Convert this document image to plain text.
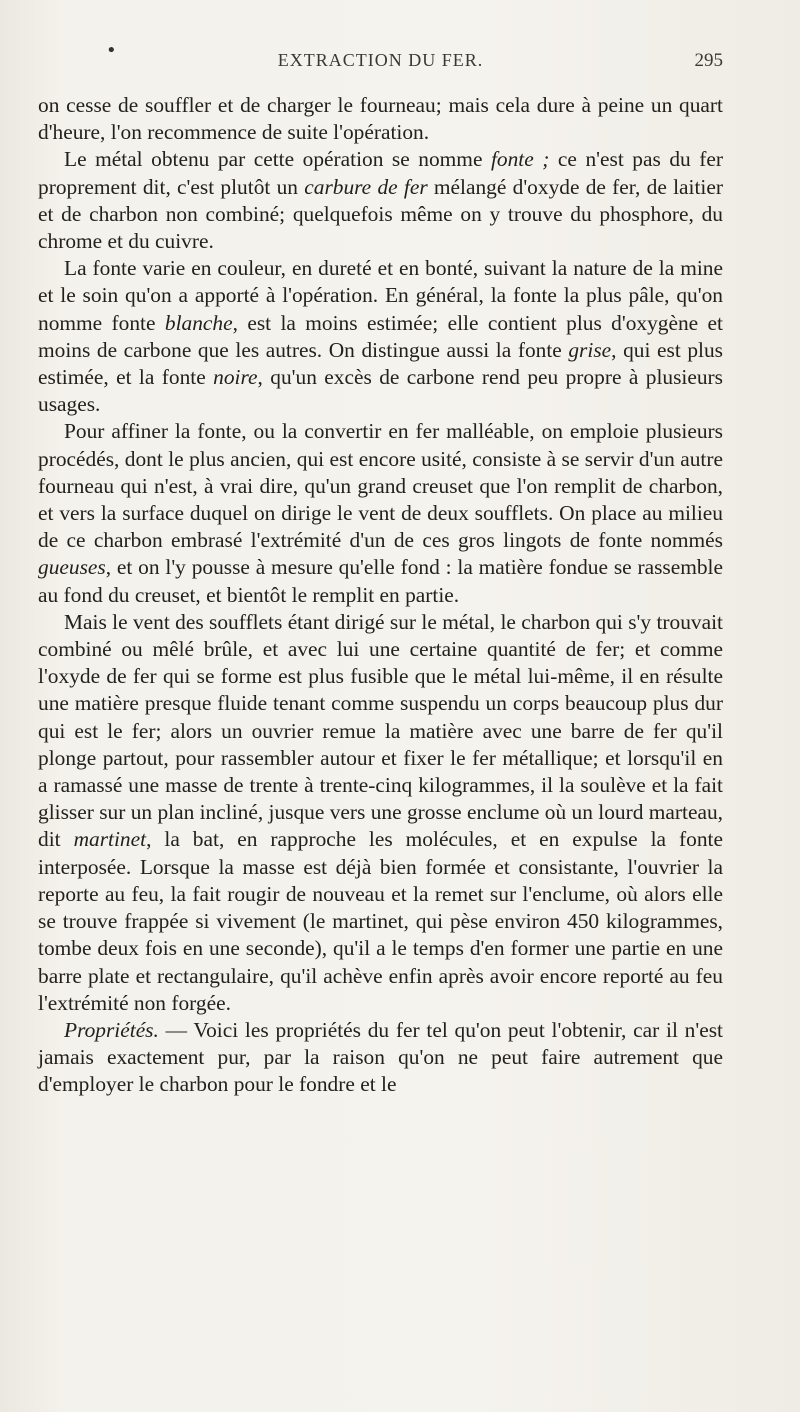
•	EXTRACTION DU FER.	295

on cesse de souffler et de charger le fourneau; mais cela dure à peine un quart d'heure, l'on recommence de suite l'opération.

Le métal obtenu par cette opération se nomme fonte ; ce n'est pas du fer proprement dit, c'est plutôt un carbure de fer mélangé d'oxyde de fer, de laitier et de charbon non combiné; quelquefois même on y trouve du phosphore, du chrome et du cuivre.

La fonte varie en couleur, en dureté et en bonté, suivant la nature de la mine et le soin qu'on a apporté à l'opération. En général, la fonte la plus pâle, qu'on nomme fonte blanche, est la moins estimée; elle contient plus d'oxygène et moins de carbone que les autres. On distingue aussi la fonte grise, qui est plus estimée, et la fonte noire, qu'un excès de carbone rend peu propre à plusieurs usages.

Pour affiner la fonte, ou la convertir en fer malléable, on emploie plusieurs procédés, dont le plus ancien, qui est encore usité, consiste à se servir d'un autre fourneau qui n'est, à vrai dire, qu'un grand creuset que l'on remplit de charbon, et vers la surface duquel on dirige le vent de deux soufflets. On place au milieu de ce charbon embrasé l'extrémité d'un de ces gros lingots de fonte nommés gueuses, et on l'y pousse à mesure qu'elle fond : la matière fondue se rassemble au fond du creuset, et bientôt le remplit en partie.

Mais le vent des soufflets étant dirigé sur le métal, le charbon qui s'y trouvait combiné ou mêlé brûle, et avec lui une certaine quantité de fer; et comme l'oxyde de fer qui se forme est plus fusible que le métal lui-même, il en résulte une matière presque fluide tenant comme suspendu un corps beaucoup plus dur qui est le fer; alors un ouvrier remue la matière avec une barre de fer qu'il plonge partout, pour rassembler autour et fixer le fer métallique; et lorsqu'il en a ramassé une masse de trente à trente-cinq kilogrammes, il la soulève et la fait glisser sur un plan incliné, jusque vers une grosse enclume où un lourd marteau, dit martinet, la bat, en rapproche les molécules, et en expulse la fonte interposée. Lorsque la masse est déjà bien formée et consistante, l'ouvrier la reporte au feu, la fait rougir de nouveau et la remet sur l'enclume, où alors elle se trouve frappée si vivement (le martinet, qui pèse environ 450 kilogrammes, tombe deux fois en une seconde), qu'il a le temps d'en former une partie en une barre plate et rectangulaire, qu'il achève enfin après avoir encore reporté au feu l'extrémité non forgée.

Propriétés. — Voici les propriétés du fer tel qu'on peut l'obtenir, car il n'est jamais exactement pur, par la raison qu'on ne peut faire autrement que d'employer le charbon pour le fondre et le
